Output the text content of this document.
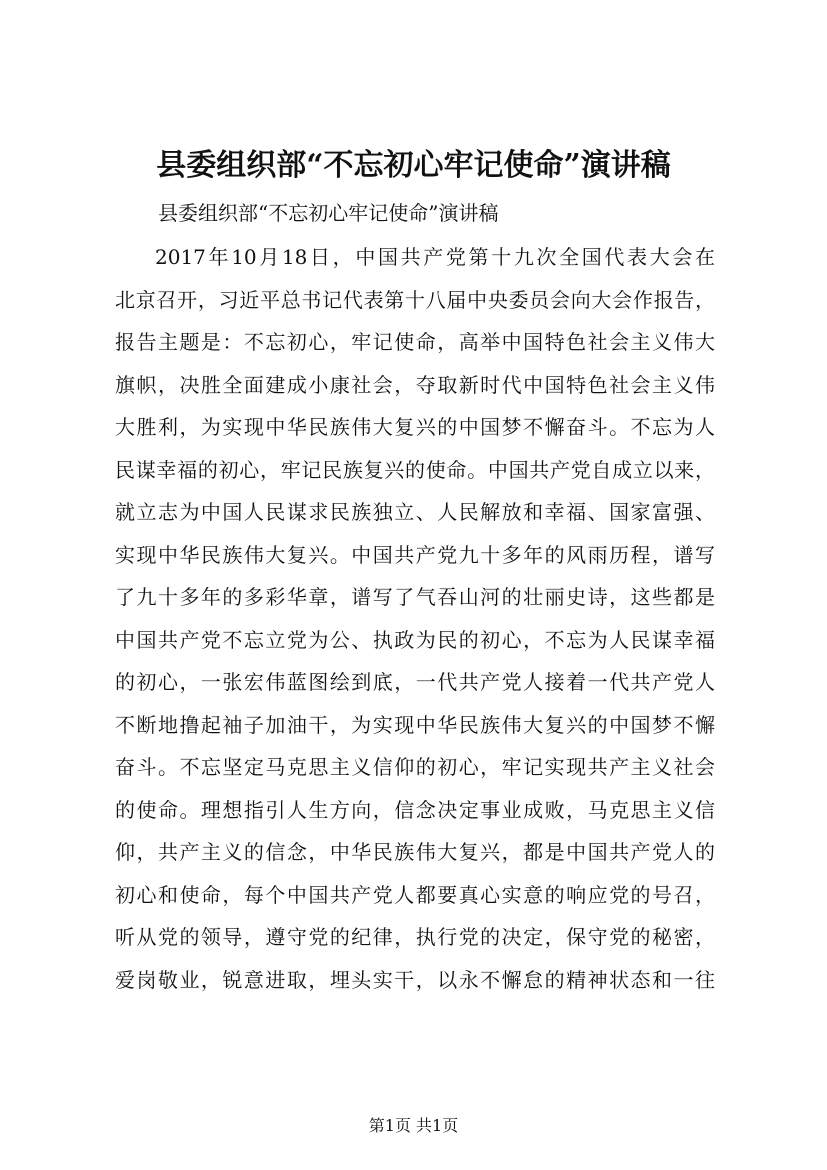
县委组织部“不忘初心牢记使命”演讲稿
县委组织部“不忘初心牢记使命”演讲稿
2017年10月18日，中国共产党第十九次全国代表大会在
北京召开，习近平总书记代表第十八届中央委员会向大会作报告，
报告主题是：不忘初心，牢记使命，高举中国特色社会主义伟大
旗帜，决胜全面建成小康社会，夺取新时代中国特色社会主义伟
大胜利，为实现中华民族伟大复兴的中国梦不懈奋斗。不忘为人
民谋幸福的初心，牢记民族复兴的使命。中国共产党自成立以来，
就立志为中国人民谋求民族独立、人民解放和幸福、国家富强、
实现中华民族伟大复兴。中国共产党九十多年的风雨历程，谱写
了九十多年的多彩华章，谱写了气吞山河的壮丽史诗，这些都是
中国共产党不忘立党为公、执政为民的初心，不忘为人民谋幸福
的初心，一张宏伟蓝图绘到底，一代共产党人接着一代共产党人
不断地撸起袖子加油干，为实现中华民族伟大复兴的中国梦不懈
奋斗。不忘坚定马克思主义信仰的初心，牢记实现共产主义社会
的使命。理想指引人生方向，信念决定事业成败，马克思主义信
仰，共产主义的信念，中华民族伟大复兴，都是中国共产党人的
初心和使命，每个中国共产党人都要真心实意的响应党的号召，
听从党的领导，遵守党的纪律，执行党的决定，保守党的秘密，
爱岗敬业，锐意进取，埋头实干，以永不懈怠的精神状态和一往
第1页 共1页
